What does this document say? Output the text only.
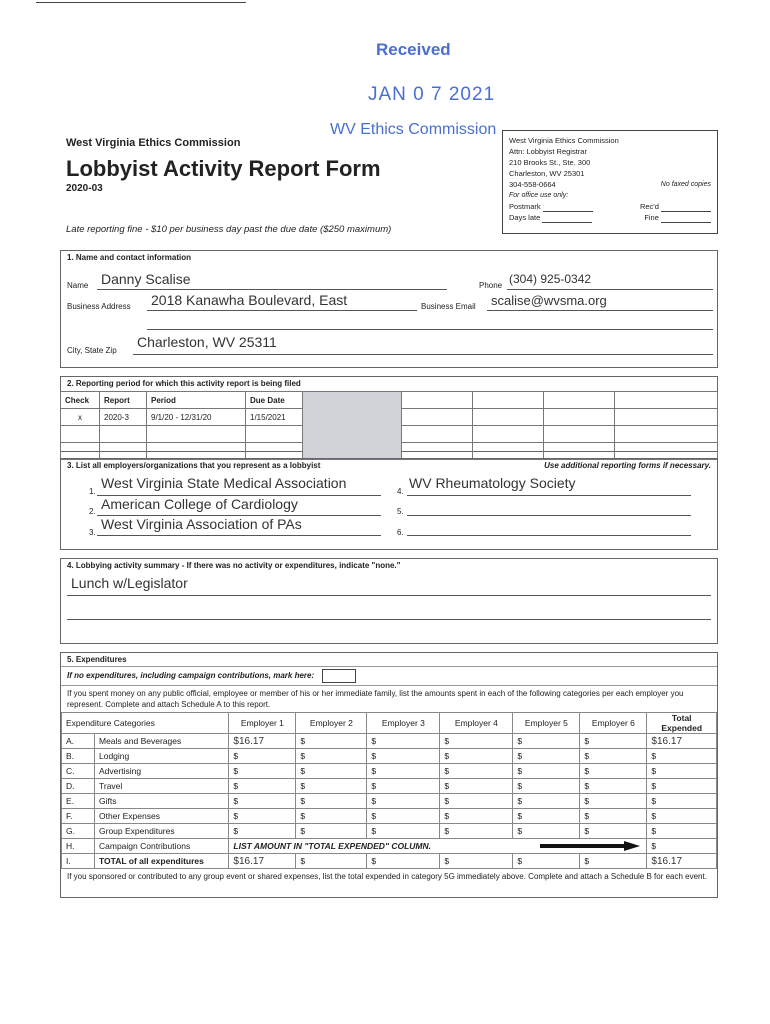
Received
JAN 0 7 2021
WV Ethics Commission
West Virginia Ethics Commission
Lobbyist Activity Report Form
2020-03
Late reporting fine - $10 per business day past the due date ($250 maximum)
West Virginia Ethics Commission
Attn: Lobbyist Registrar
210 Brooks St., Ste. 300
Charleston, WV 25301
304-558-0664	No faxed copies
For office use only:
Postmark	Rec'd
Days late	Fine
1. Name and contact information
Name Danny Scalise	Phone (304) 925-0342
Business Address 2018 Kanawha Boulevard, East	Business Email scalise@wvsma.org
City, State Zip
Charleston, WV 25311
2. Reporting period for which this activity report is being filed
Check	Report	Period	Due Date					
x	2020-3	9/1/20 - 12/31/20	1/15/2021					

3. List all employers/organizations that you represent as a lobbyist	Use additional reporting forms if necessary.
1.
West Virginia State Medical Association
2. American College of Cardiology
3.
West Virginia Association of PAs
4.
WV Rheumatology Society
5.
6.
4. Lobbying activity summary - If there was no activity or expenditures, indicate "none."
Lunch w/Legislator
5. Expenditures
If no expenditures, including campaign contributions, mark here:
If you spent money on any public official, employee or member of his or her immediate family, list the amounts spent in each of the following categories per each employer you represent. Complete and attach Schedule A to this report.
Expenditure Categories		Employer 1	Employer 2	Employer 3	Employer 4	Employer 5	Employer 6	Total Expended
A.	Meals and Beverages	$16.17	$	$	$	$	$	$16.17
B.	Lodging	$	$	$	$	$	$	$
C.	Advertising	$	$	$	$	$	$	$
D.	Travel	$	$	$	$	$	$	$
E.	Gifts	$	$	$	$	$	$	$
F.	Other Expenses	$	$	$	$	$	$	$
G.	Group Expenditures	$	$	$	$	$	$	$
H.	Campaign Contributions	LIST AMOUNT IN "TOTAL EXPENDED" COLUMN.						$
I.	TOTAL of all expenditures	$16.17	$	$	$	$	$	$16.17
If you sponsored or contributed to any group event or shared expenses, list the total expended in category 5G immediately above. Complete and attach a Schedule B for each event.
